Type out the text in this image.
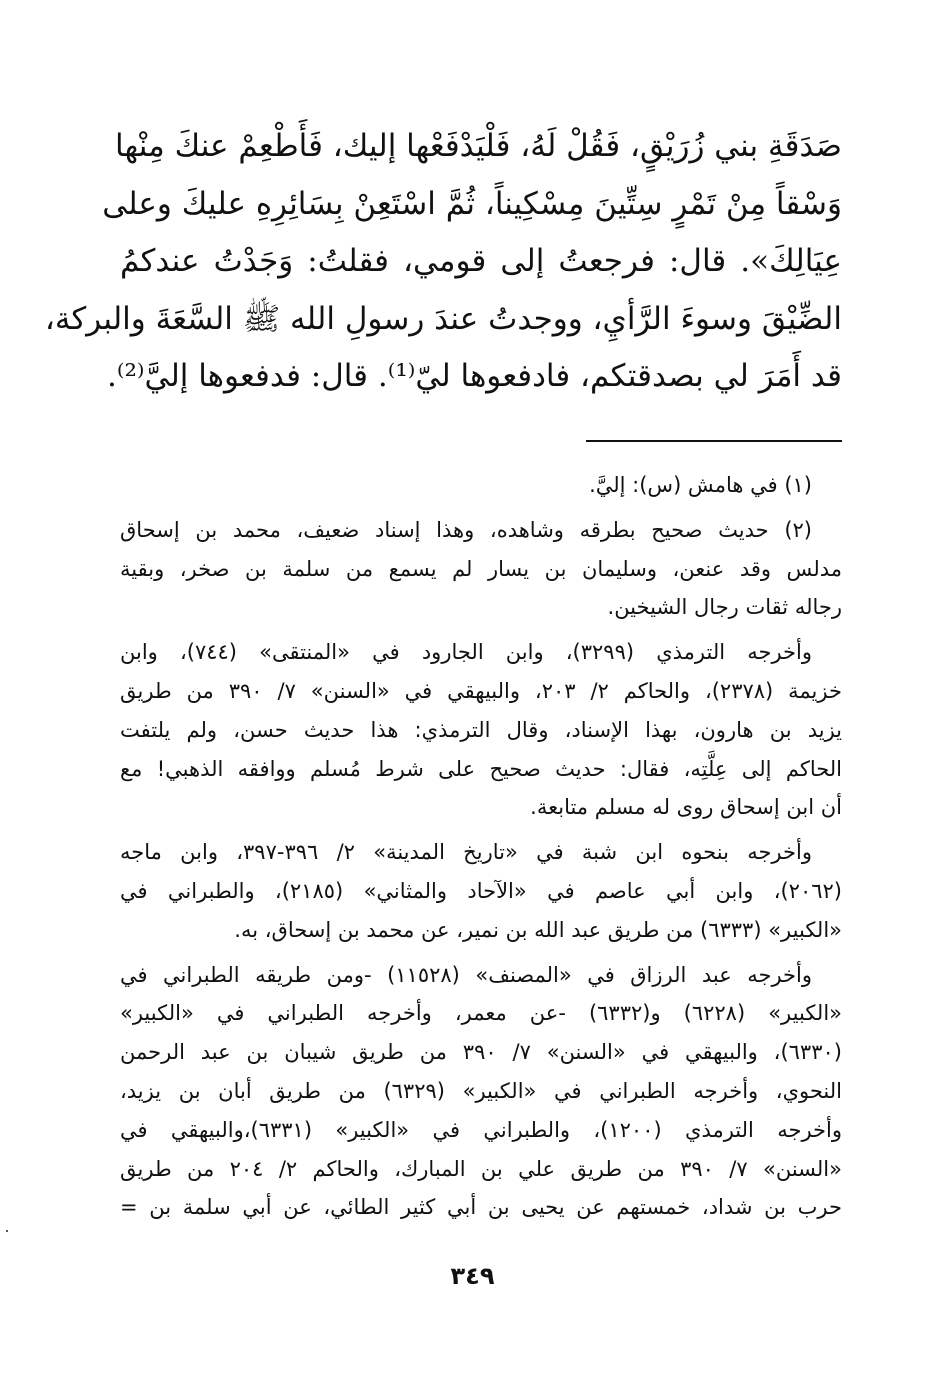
صَدَقَةِ بني زُرَيْقٍ، فَقُلْ لَهُ، فَلْيَدْفَعْها إليك، فَأَطْعِمْ عنكَ مِنْها
وَسْقاً مِنْ تَمْرٍ سِتِّينَ مِسْكِيناً، ثُمَّ اسْتَعِنْ بِسَائِرِهِ عليكَ وعلى
عِيَالِكَ». قال: فرجعتُ إلى قومي، فقلتُ: وَجَدْتُ عندكمُ
الضِّيْقَ وسوءَ الرَّأيِ، ووجدتُ عندَ رسولِ الله ﷺ السَّعَةَ والبركة،
قد أَمَرَ لي بصدقتكم، فادفعوها ليّ⁽¹⁾. قال: فدفعوها إليَّ⁽²⁾.
(١) في هامش (س): إليَّ.
(٢) حديث صحيح بطرقه وشاهده، وهذا إسناد ضعيف، محمد بن إسحاق
مدلس وقد عنعن، وسليمان بن يسار لم يسمع من سلمة بن صخر، وبقية
رجاله ثقات رجال الشيخين.
وأخرجه الترمذي (٣٢٩٩)، وابن الجارود في «المنتقى» (٧٤٤)، وابن
خزيمة (٢٣٧٨)، والحاكم ٢/ ٢٠٣، والبيهقي في «السنن» ٧/ ٣٩٠ من طريق
يزيد بن هارون، بهذا الإسناد، وقال الترمذي: هذا حديث حسن، ولم يلتفت
الحاكم إلى عِلَّتِه، فقال: حديث صحيح على شرط مُسلم ووافقه الذهبي! مع
أن ابن إسحاق روى له مسلم متابعة.
وأخرجه بنحوه ابن شبة في «تاريخ المدينة» ٢/ ٣٩٦-٣٩٧، وابن ماجه
(٢٠٦٢)، وابن أبي عاصم في «الآحاد والمثاني» (٢١٨٥)، والطبراني في
«الكبير» (٦٣٣٣) من طريق عبد الله بن نمير، عن محمد بن إسحاق، به.
وأخرجه عبد الرزاق في «المصنف» (١١٥٢٨) -ومن طريقه الطبراني في
«الكبير» (٦٢٢٨) و(٦٣٣٢) -عن معمر، وأخرجه الطبراني في «الكبير»
(٦٣٣٠)، والبيهقي في «السنن» ٧/ ٣٩٠ من طريق شيبان بن عبد الرحمن
النحوي، وأخرجه الطبراني في «الكبير» (٦٣٢٩) من طريق أبان بن يزيد،
وأخرجه الترمذي (١٢٠٠)، والطبراني في «الكبير» (٦٣٣١)،والبيهقي في
«السنن» ٧/ ٣٩٠ من طريق علي بن المبارك، والحاكم ٢/ ٢٠٤ من طريق
حرب بن شداد، خمستهم عن يحيى بن أبي كثير الطائي، عن أبي سلمة بن =
٣٤٩
